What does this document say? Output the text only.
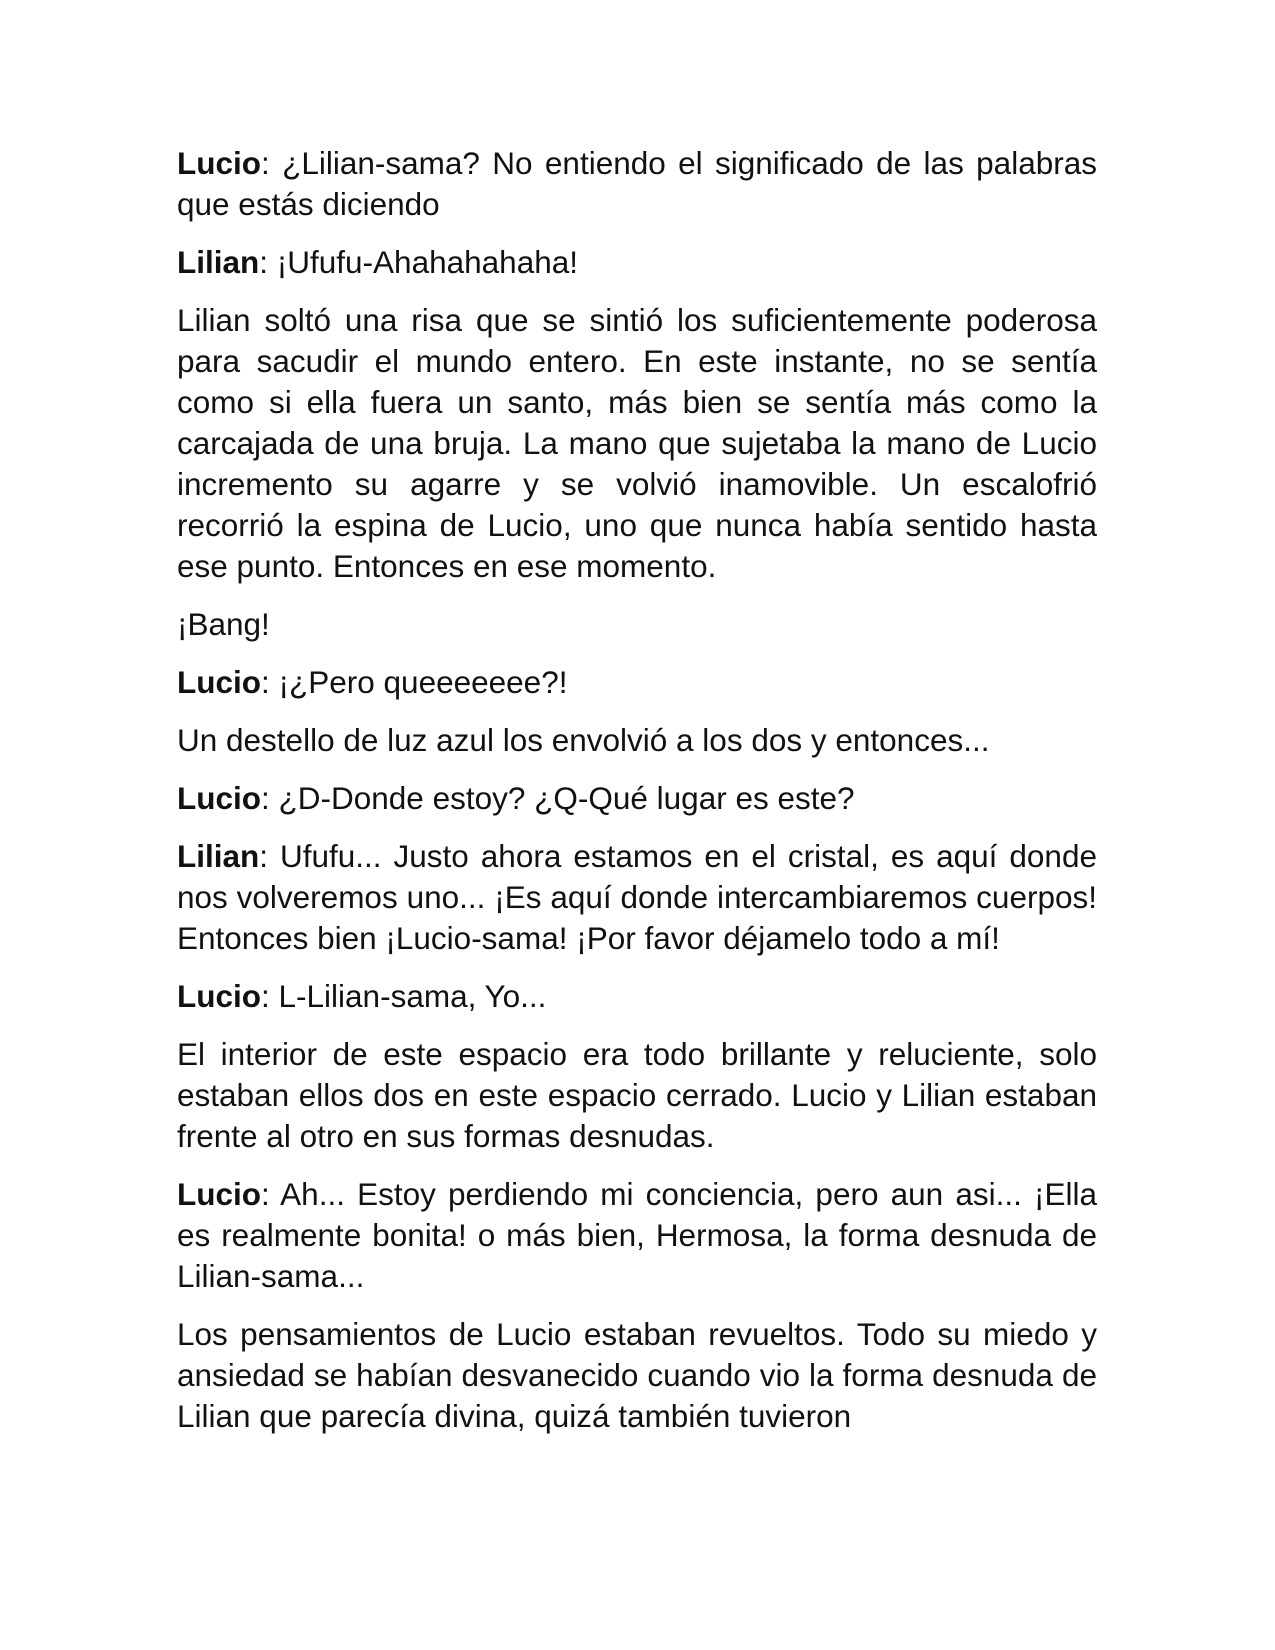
Lucio: ¿Lilian-sama? No entiendo el significado de las palabras que estás diciendo

Lilian: ¡Ufufu-Ahahahahaha!

Lilian soltó una risa que se sintió los suficientemente poderosa para sacudir el mundo entero. En este instante, no se sentía como si ella fuera un santo, más bien se sentía más como la carcajada de una bruja. La mano que sujetaba la mano de Lucio incremento su agarre y se volvió inamovible. Un escalofrió recorrió la espina de Lucio, uno que nunca había sentido hasta ese punto. Entonces en ese momento.

¡Bang!

Lucio: ¡¿Pero queeeeeee?!

Un destello de luz azul los envolvió a los dos y entonces...

Lucio: ¿D-Donde estoy? ¿Q-Qué lugar es este?

Lilian: Ufufu... Justo ahora estamos en el cristal, es aquí donde nos volveremos uno... ¡Es aquí donde intercambiaremos cuerpos! Entonces bien ¡Lucio-sama! ¡Por favor déjamelo todo a mí!

Lucio: L-Lilian-sama, Yo...

El interior de este espacio era todo brillante y reluciente, solo estaban ellos dos en este espacio cerrado. Lucio y Lilian estaban frente al otro en sus formas desnudas.

Lucio: Ah... Estoy perdiendo mi conciencia, pero aun asi... ¡Ella es realmente bonita! o más bien, Hermosa, la forma desnuda de Lilian-sama...

Los pensamientos de Lucio estaban revueltos. Todo su miedo y ansiedad se habían desvanecido cuando vio la forma desnuda de Lilian que parecía divina, quizá también tuvieron
